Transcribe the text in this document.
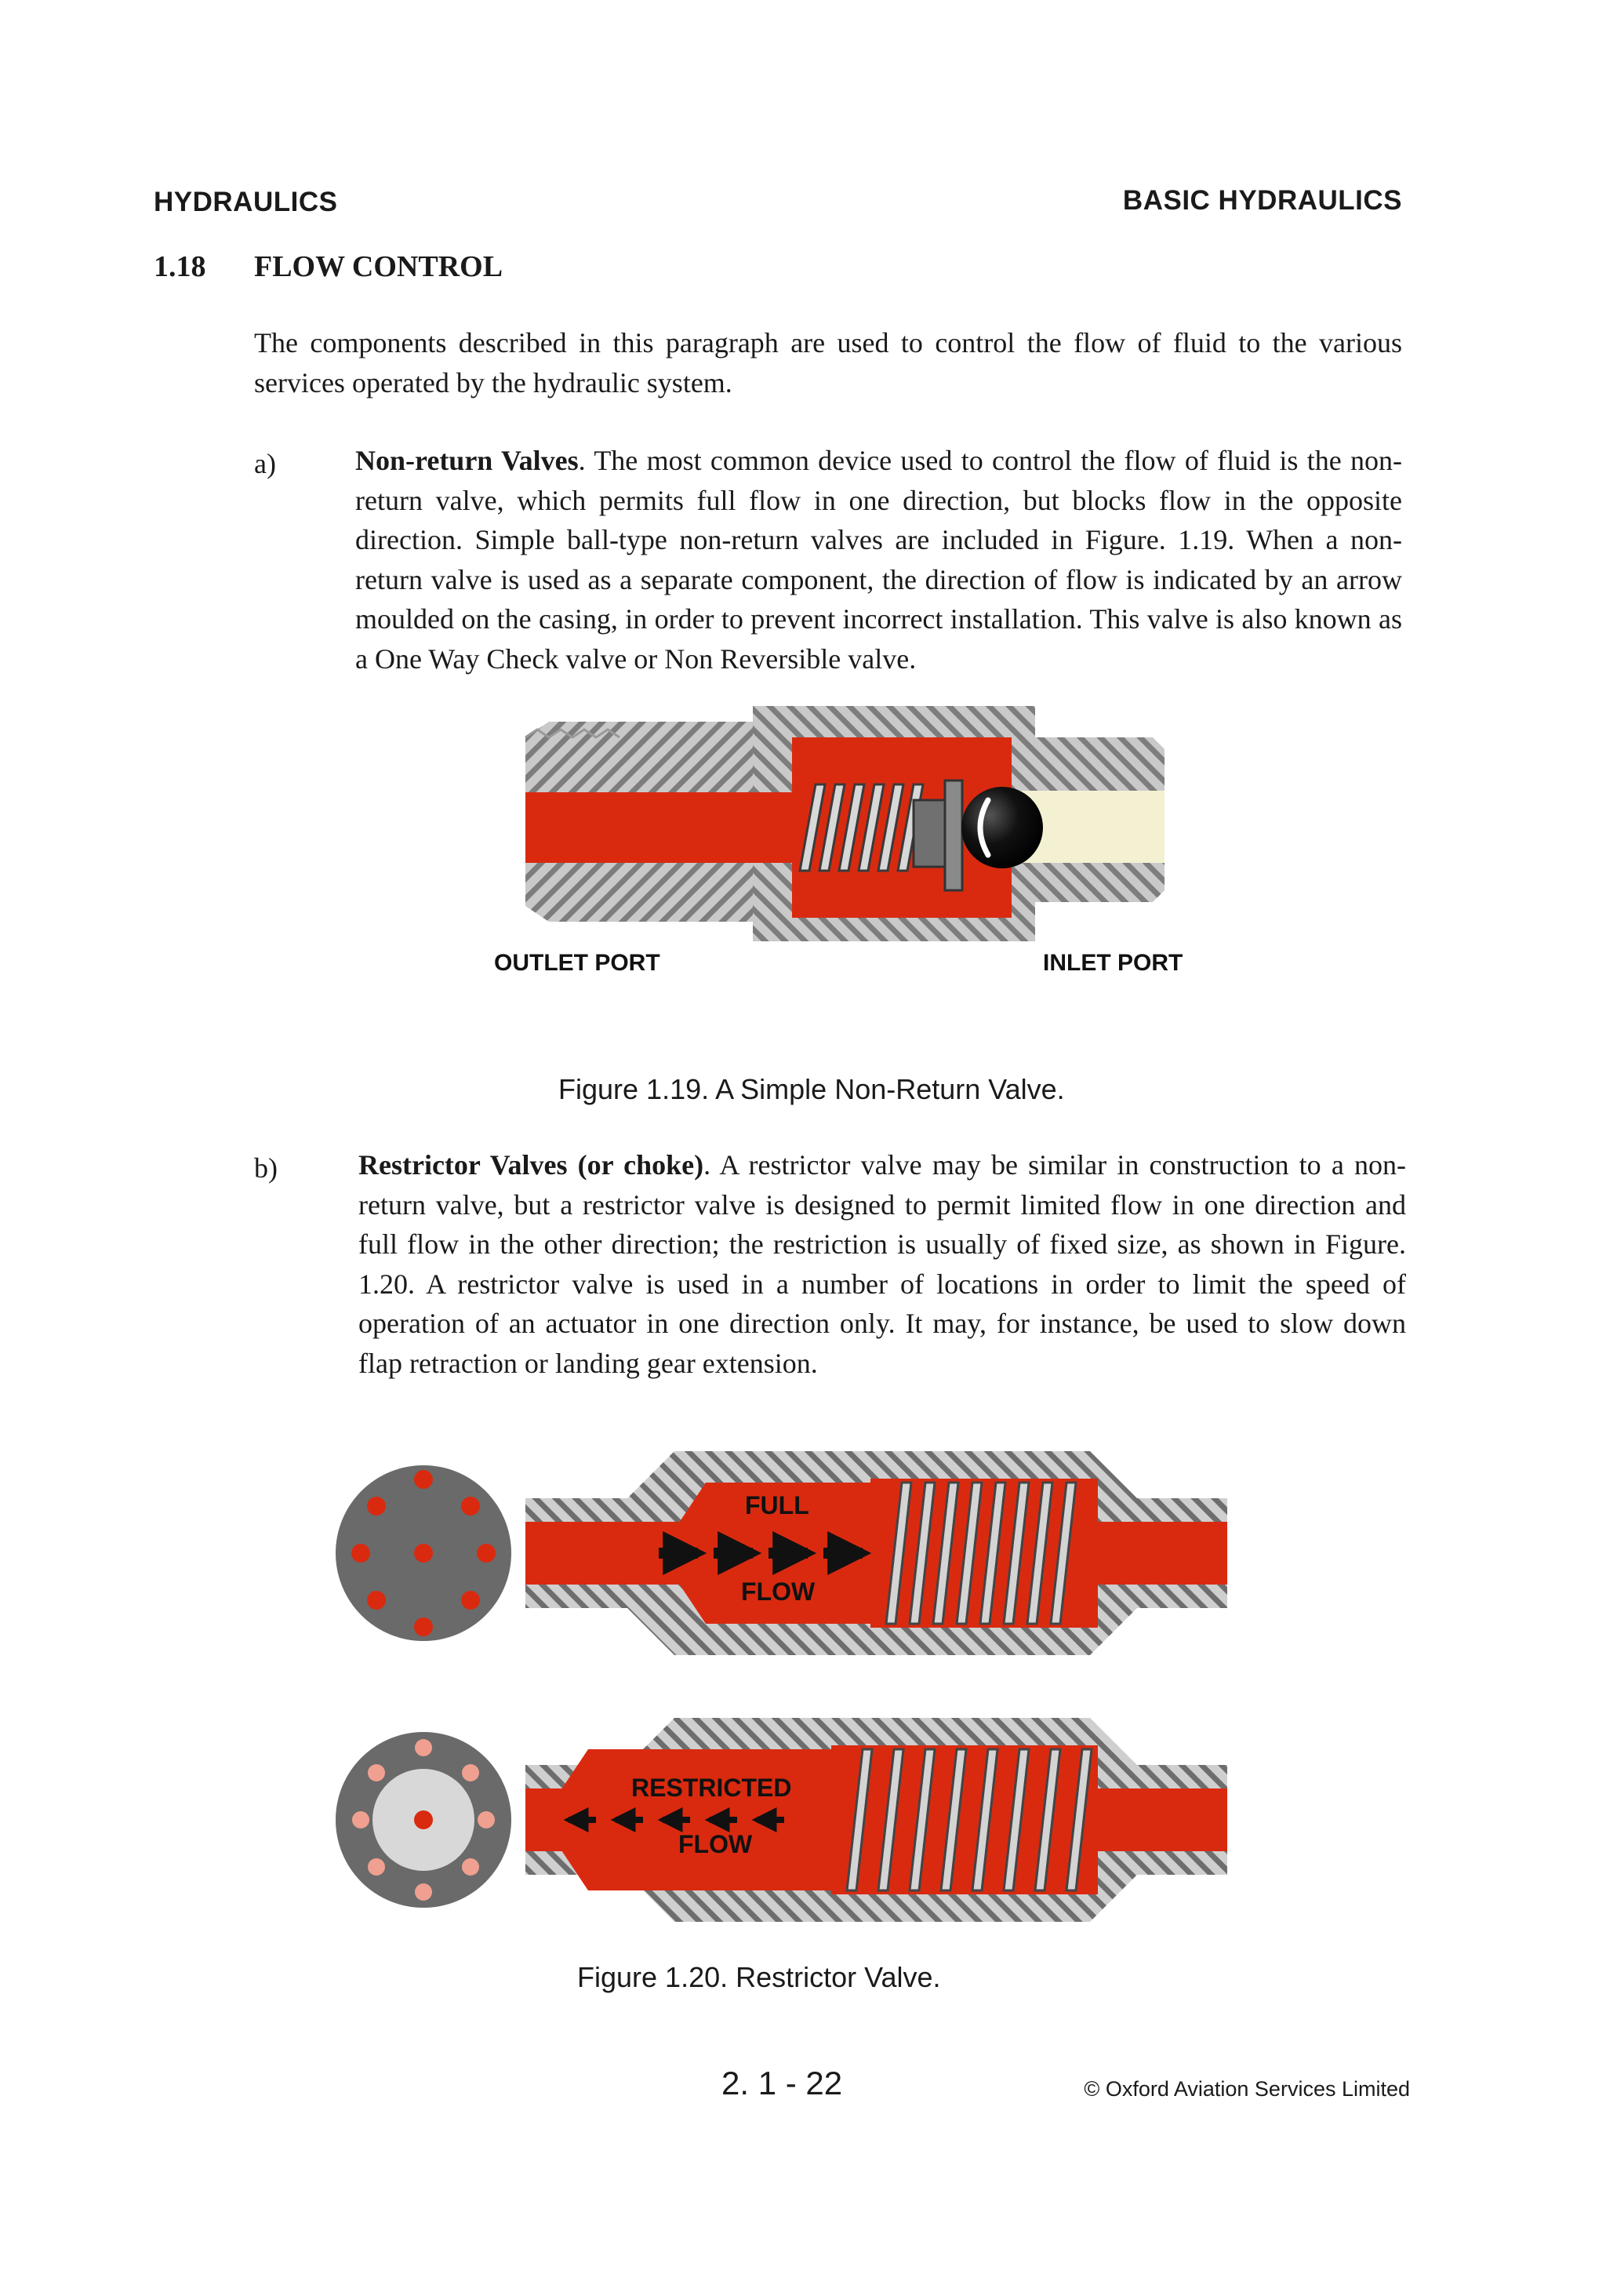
HYDRAULICS	BASIC HYDRAULICS
1.18 FLOW CONTROL
The components described in this paragraph are used to control the flow of fluid to the various services operated by the hydraulic system.
a)	Non-return Valves. The most common device used to control the flow of fluid is the non-return valve, which permits full flow in one direction, but blocks flow in the opposite direction. Simple ball-type non-return valves are included in Figure. 1.19. When a non-return valve is used as a separate component, the direction of flow is indicated by an arrow moulded on the casing, in order to prevent incorrect installation. This valve is also known as a One Way Check valve or Non Reversible valve.
OUTLET PORT	INLET PORT
Figure 1.19. A Simple Non-Return Valve.
b)	Restrictor Valves (or choke). A restrictor valve may be similar in construction to a non-return valve, but a restrictor valve is designed to permit limited flow in one direction and full flow in the other direction; the restriction is usually of fixed size, as shown in Figure. 1.20. A restrictor valve is used in a number of locations in order to limit the speed of operation of an actuator in one direction only. It may, for instance, be used to slow down flap retraction or landing gear extension.
FULL
FLOW
RESTRICTED
FLOW
Figure 1.20. Restrictor Valve.
2. 1 - 22	© Oxford Aviation Services Limited
